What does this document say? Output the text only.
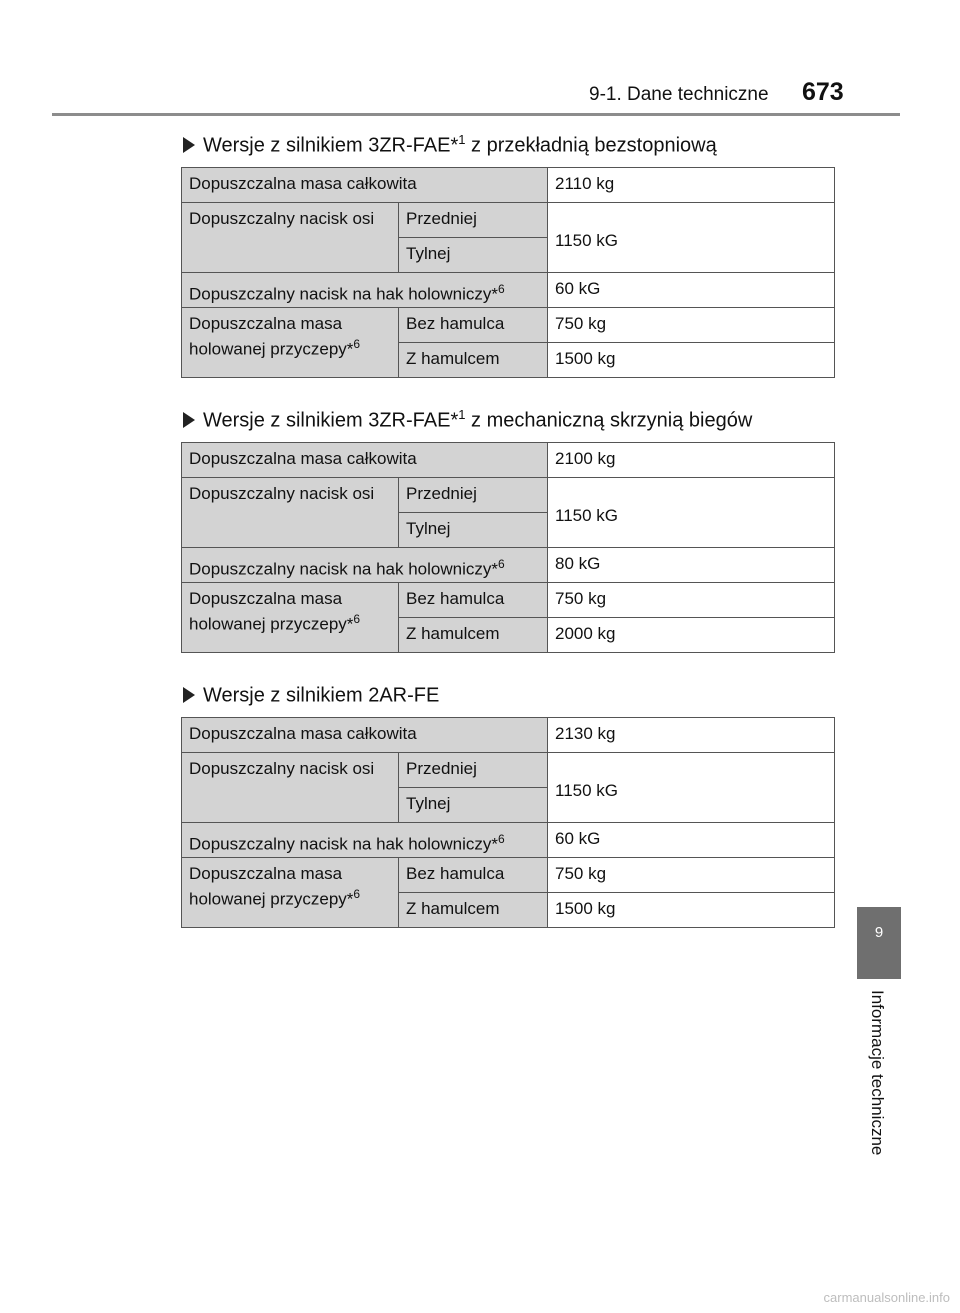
9-1. Dane techniczne 673
9
Informacje techniczne
Wersje z silnikiem 3ZR-FAE*$^1$ z przekładnią bezstopniową
Dopuszczalna masa całkowita		2110 kg
Dopuszczalny nacisk osi	Przedniej	1150 kG
	Tylnej	
Dopuszczalny nacisk na hak holowniczy*$^6$		60 kG
Dopuszczalna masa holowanej przyczepy*$^6$	Bez hamulca	750 kg
	Z hamulcem	1500 kg
Wersje z silnikiem 3ZR-FAE*$^1$ z mechaniczną skrzynią biegów
Dopuszczalna masa całkowita		2100 kg
Dopuszczalny nacisk osi	Przedniej	1150 kG
	Tylnej	
Dopuszczalny nacisk na hak holowniczy*$^6$		80 kG
Dopuszczalna masa holowanej przyczepy*$^6$	Bez hamulca	750 kg
	Z hamulcem	2000 kg
Wersje z silnikiem 2AR-FE
Dopuszczalna masa całkowita		2130 kg
Dopuszczalny nacisk osi	Przedniej	1150 kG
	Tylnej	
Dopuszczalny nacisk na hak holowniczy*$^6$		60 kG
Dopuszczalna masa holowanej przyczepy*$^6$	Bez hamulca	750 kg
	Z hamulcem	1500 kg
carmanualsonline.info
